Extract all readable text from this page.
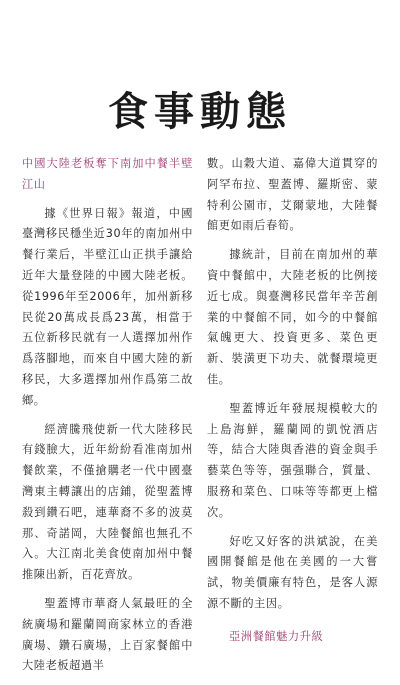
食事動態
中國大陸老板奪下南加中餐半壁江山

據《世界日報》報道，中國臺灣移民穩坐近30年的南加州中餐行業后，半壁江山正拱手讓給近年大量登陸的中國大陸老板。從1996年至2006年，加州新移民從20萬成長爲23萬，相當于五位新移民就有一人選擇加州作爲落腳地，而來自中國大陸的新移民，大多選擇加州作爲第二故鄉。

經濟騰飛使新一代大陸移民有錢臉大，近年紛紛看准南加州餐飲業，不僅搶購老一代中國臺灣東主轉讓出的店鋪，從聖蓋博殺到鑽石吧，連華裔不多的波莫那、奇諾岡，大陸餐館也無孔不入。大江南北美食使南加州中餐推陳出新，百花齊放。

聖蓋博市華裔人氣最旺的全統廣場和羅蘭岡商家林立的香港廣場、鑽石廣場，上百家餐館中大陸老板超過半

數。山穀大道、嘉偉大道貫穿的阿罕布拉、聖蓋博、羅斯密、蒙特利公園市，艾爾蒙地，大陸餐館更如雨后春筍。

據統計，目前在南加州的華資中餐館中，大陸老板的比例接近七成。與臺灣移民當年辛苦創業的中餐館不同，如今的中餐館氣魄更大、投資更多、菜色更新、裝潢更下功夫、就餐環境更佳。

聖蓋博近年發展規模較大的上島海鮮，羅蘭岡的凱悅酒店等，結合大陸與香港的資金與手藝菜色等等，强强聯合，質量、服務和菜色、口味等等都更上檔次。

好吃又好客的洪斌說，在美國開餐館是他在美國的一大嘗試，物美價廉有特色，是客人源源不斷的主因。

亞洲餐館魅力升級
